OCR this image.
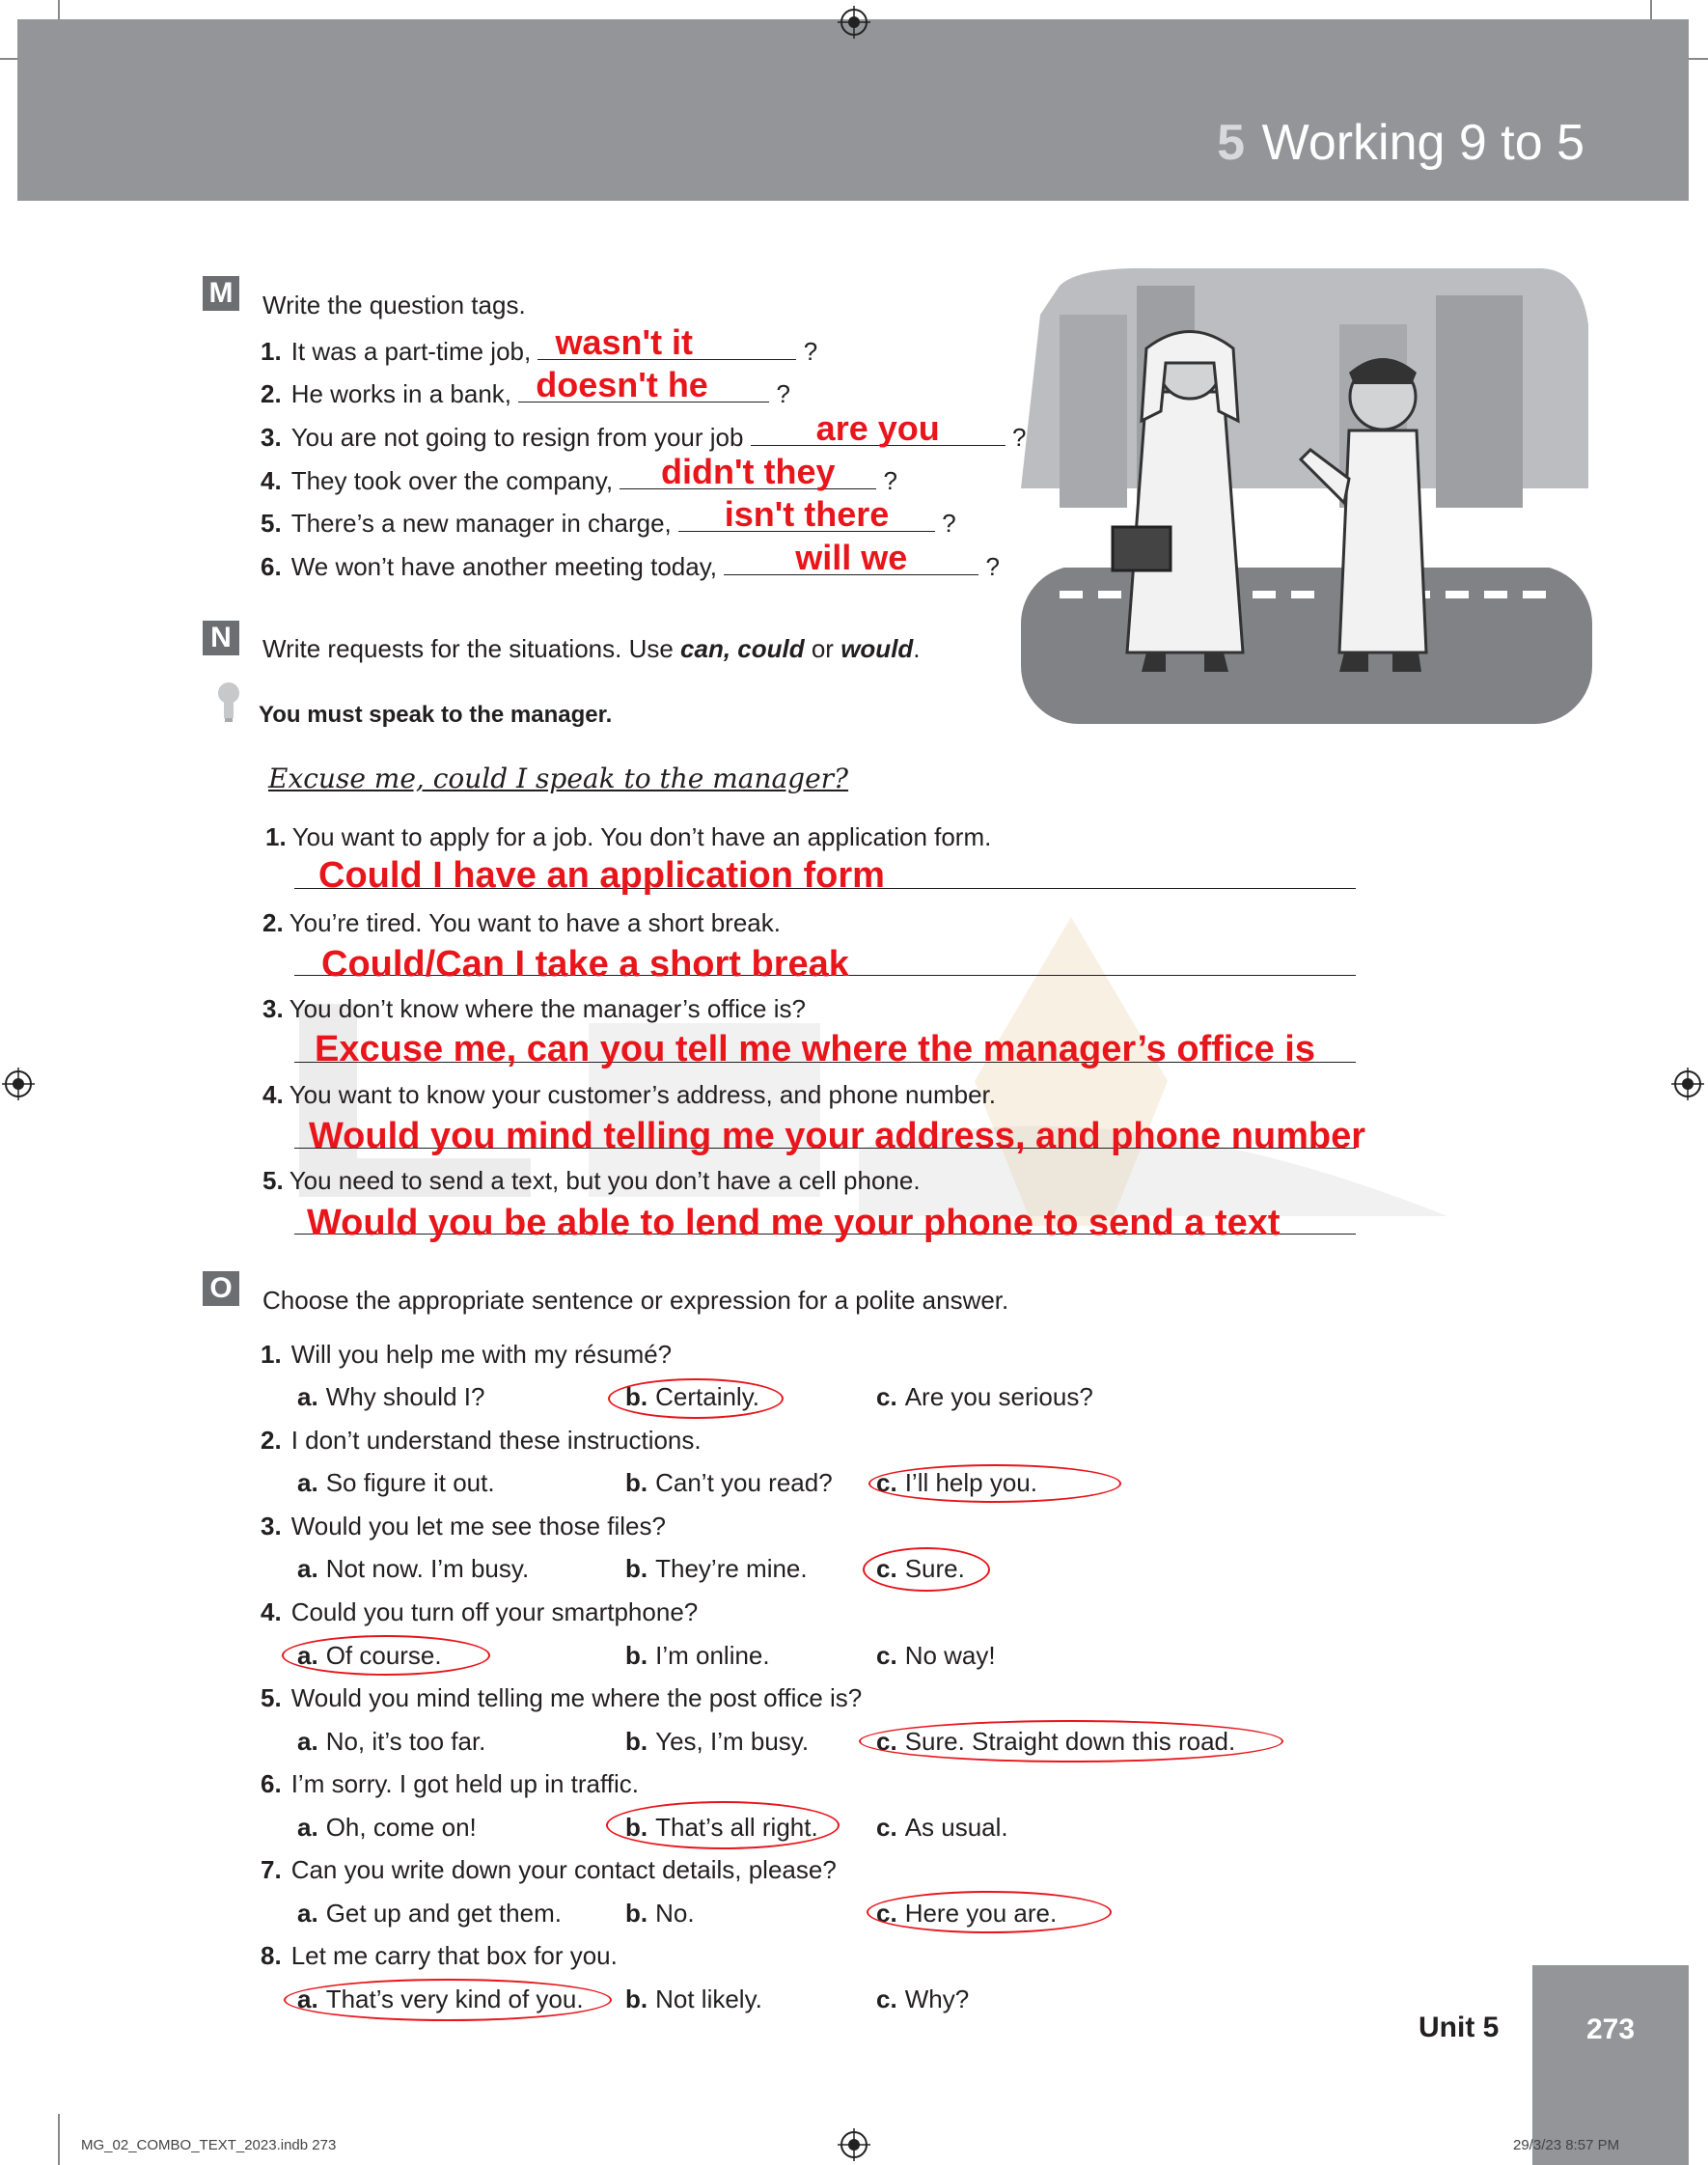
5 Working 9 to 5
M Write the question tags.
1. It was a part-time job, wasn't it	?
2. He works in a bank, doesn't he	?
3. You are not going to resign from your job	are you	?
4. They took over the company,	didn't they	?
5. There’s a new manager in charge,	isn't there	?
6. We won’t have another meeting today,	will we	?
N	Write requests for the situations. Use can, could or would.
You must speak to the manager.
Excuse me, could I speak to the manager?
1. You want to apply for a job. You don’t have an application form.
Could I have an application form
2. You’re tired. You want to have a short break.
Could/Can I take a short break
3. You don’t know where the manager’s office is?
Excuse me, can you tell me where the manager’s office is
4. You want to know your customer’s address, and phone number.
Would you mind telling me your address, and phone number
5. You need to send a text, but you don’t have a cell phone.
Would you be able to lend me your phone to send a text
O Choose the appropriate sentence or expression for a polite answer.
1. Will you help me with my résumé?
a. Why should I?	b. Certainly.	c. Are you serious?
2. I don’t understand these instructions.
a. So figure it out.	b. Can’t you read? c. I’ll help you.
3. Would you let me see those files?
a. Not now. I’m busy.	b. They’re mine.	c. Sure.
4. Could you turn off your smartphone?
a. Of course.	b. I’m online.	c. No way!
5. Would you mind telling me where the post office is?
a. No, it’s too far.	b. Yes, I’m busy.	c. Sure. Straight down this road.
6. I’m sorry. I got held up in traffic.
a. Oh, come on!	b. That’s all right. c. As usual.
7. Can you write down your contact details, please?
a. Get up and get them.	b. No.	c. Here you are.
8. Let me carry that box for you.
a. That’s very kind of you. b. Not likely.	c. Why?
Unit 5	273
MG_02_COMBO_TEXT_2023.indb 273	29/3/23 8:57 PM
